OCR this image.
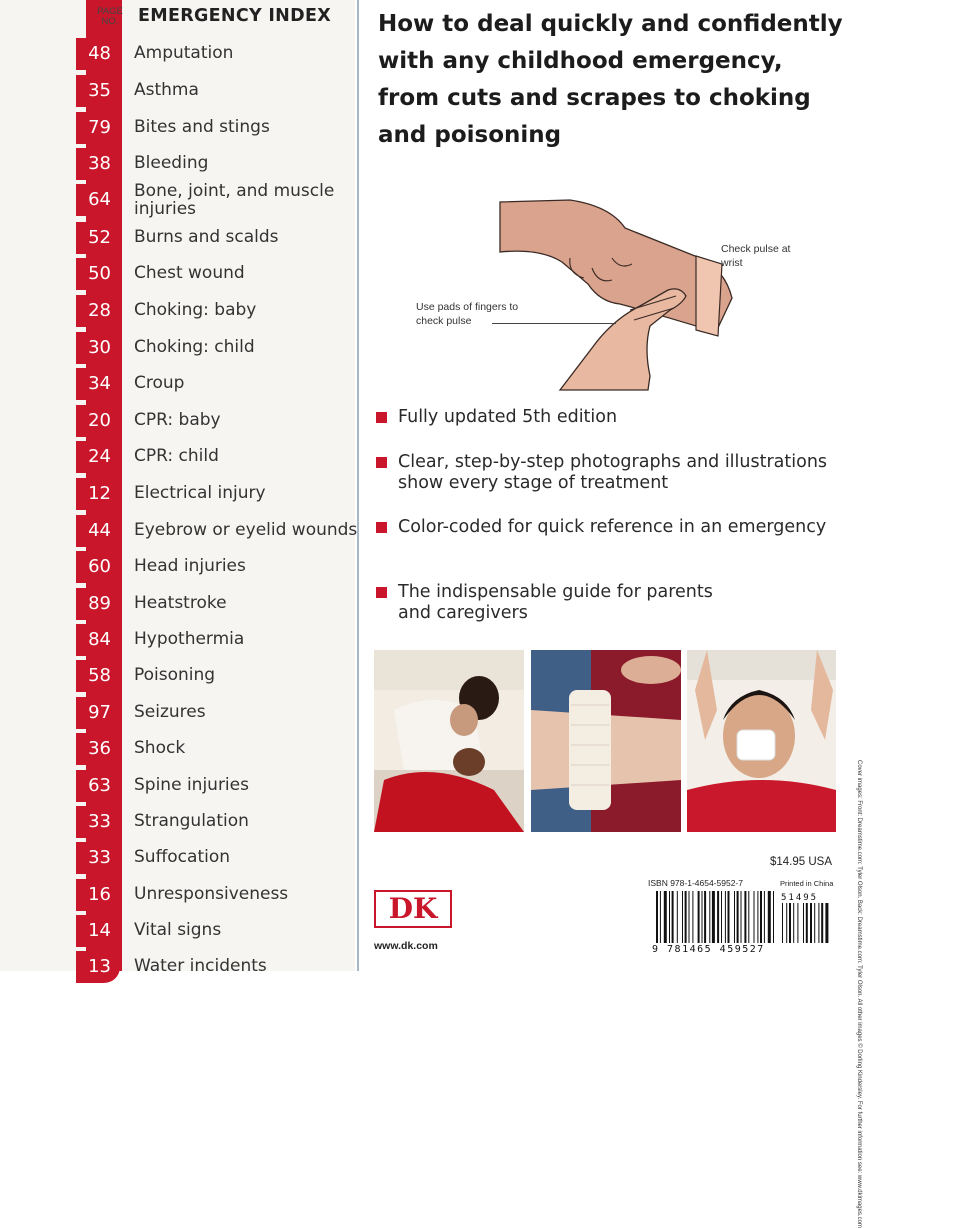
PAGE NO.	EMERGENCY INDEX
48	Amputation
35	Asthma
79	Bites and stings
38	Bleeding
64	Bone, joint, and muscle injuries
52	Burns and scalds
50	Chest wound
28	Choking: baby
30	Choking: child
34	Croup
20	CPR: baby
24	CPR: child
12	Electrical injury
44	Eyebrow or eyelid wounds
60	Head injuries
89	Heatstroke
84	Hypothermia
58	Poisoning
97	Seizures
36	Shock
63	Spine injuries
33	Strangulation
33	Suffocation
16	Unresponsiveness
14	Vital signs
13	Water incidents
How to deal quickly and confidently with any childhood emergency, from cuts and scrapes to choking and poisoning
Check pulse at wrist
Use pads of fingers to check pulse
Fully updated 5th edition
Clear, step-by-step photographs and illustrations show every stage of treatment
Color-coded for quick reference in an emergency
The indispensable guide for parents
and caregivers
DK
www.dk.com
$14.95 USA
ISBN 978-1-4654-5952-7	Printed in China
51495
9 781465 459527	Cover images: Front: Dreamstime.com: Tyler Olson. Back: Dreamstime.com: Tyler Olson. All other images © Dorling Kindersley. For further information see: www.dkimages.com
